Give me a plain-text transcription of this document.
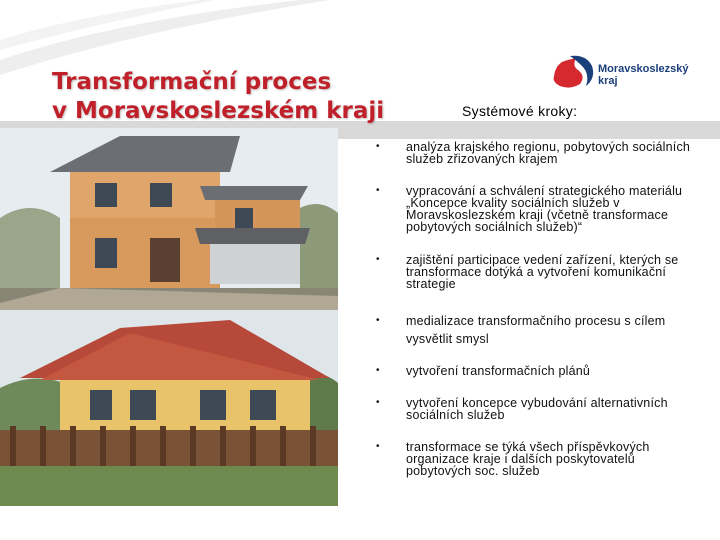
Transformační proces
v Moravskoslezském kraji
Moravskoslezský
kraj
Systémové kroky:
• analýza krajského regionu, pobytových sociálních služeb zřizovaných krajem
• vypracování a schválení strategického materiálu „Koncepce kvality sociálních služeb v Moravskoslezském kraji (včetně transformace pobytových sociálních služeb)“
• zajištění participace vedení zařízení, kterých se transformace dotýká a vytvoření komunikační strategie
• medializace transformačního procesu s cílem vysvětlit smysl
• vytvoření transformačních plánů
• vytvoření koncepce vybudování alternativních sociálních služeb
• transformace se týká všech příspěvkových organizace kraje i dalších poskytovatelů pobytových soc. služeb
